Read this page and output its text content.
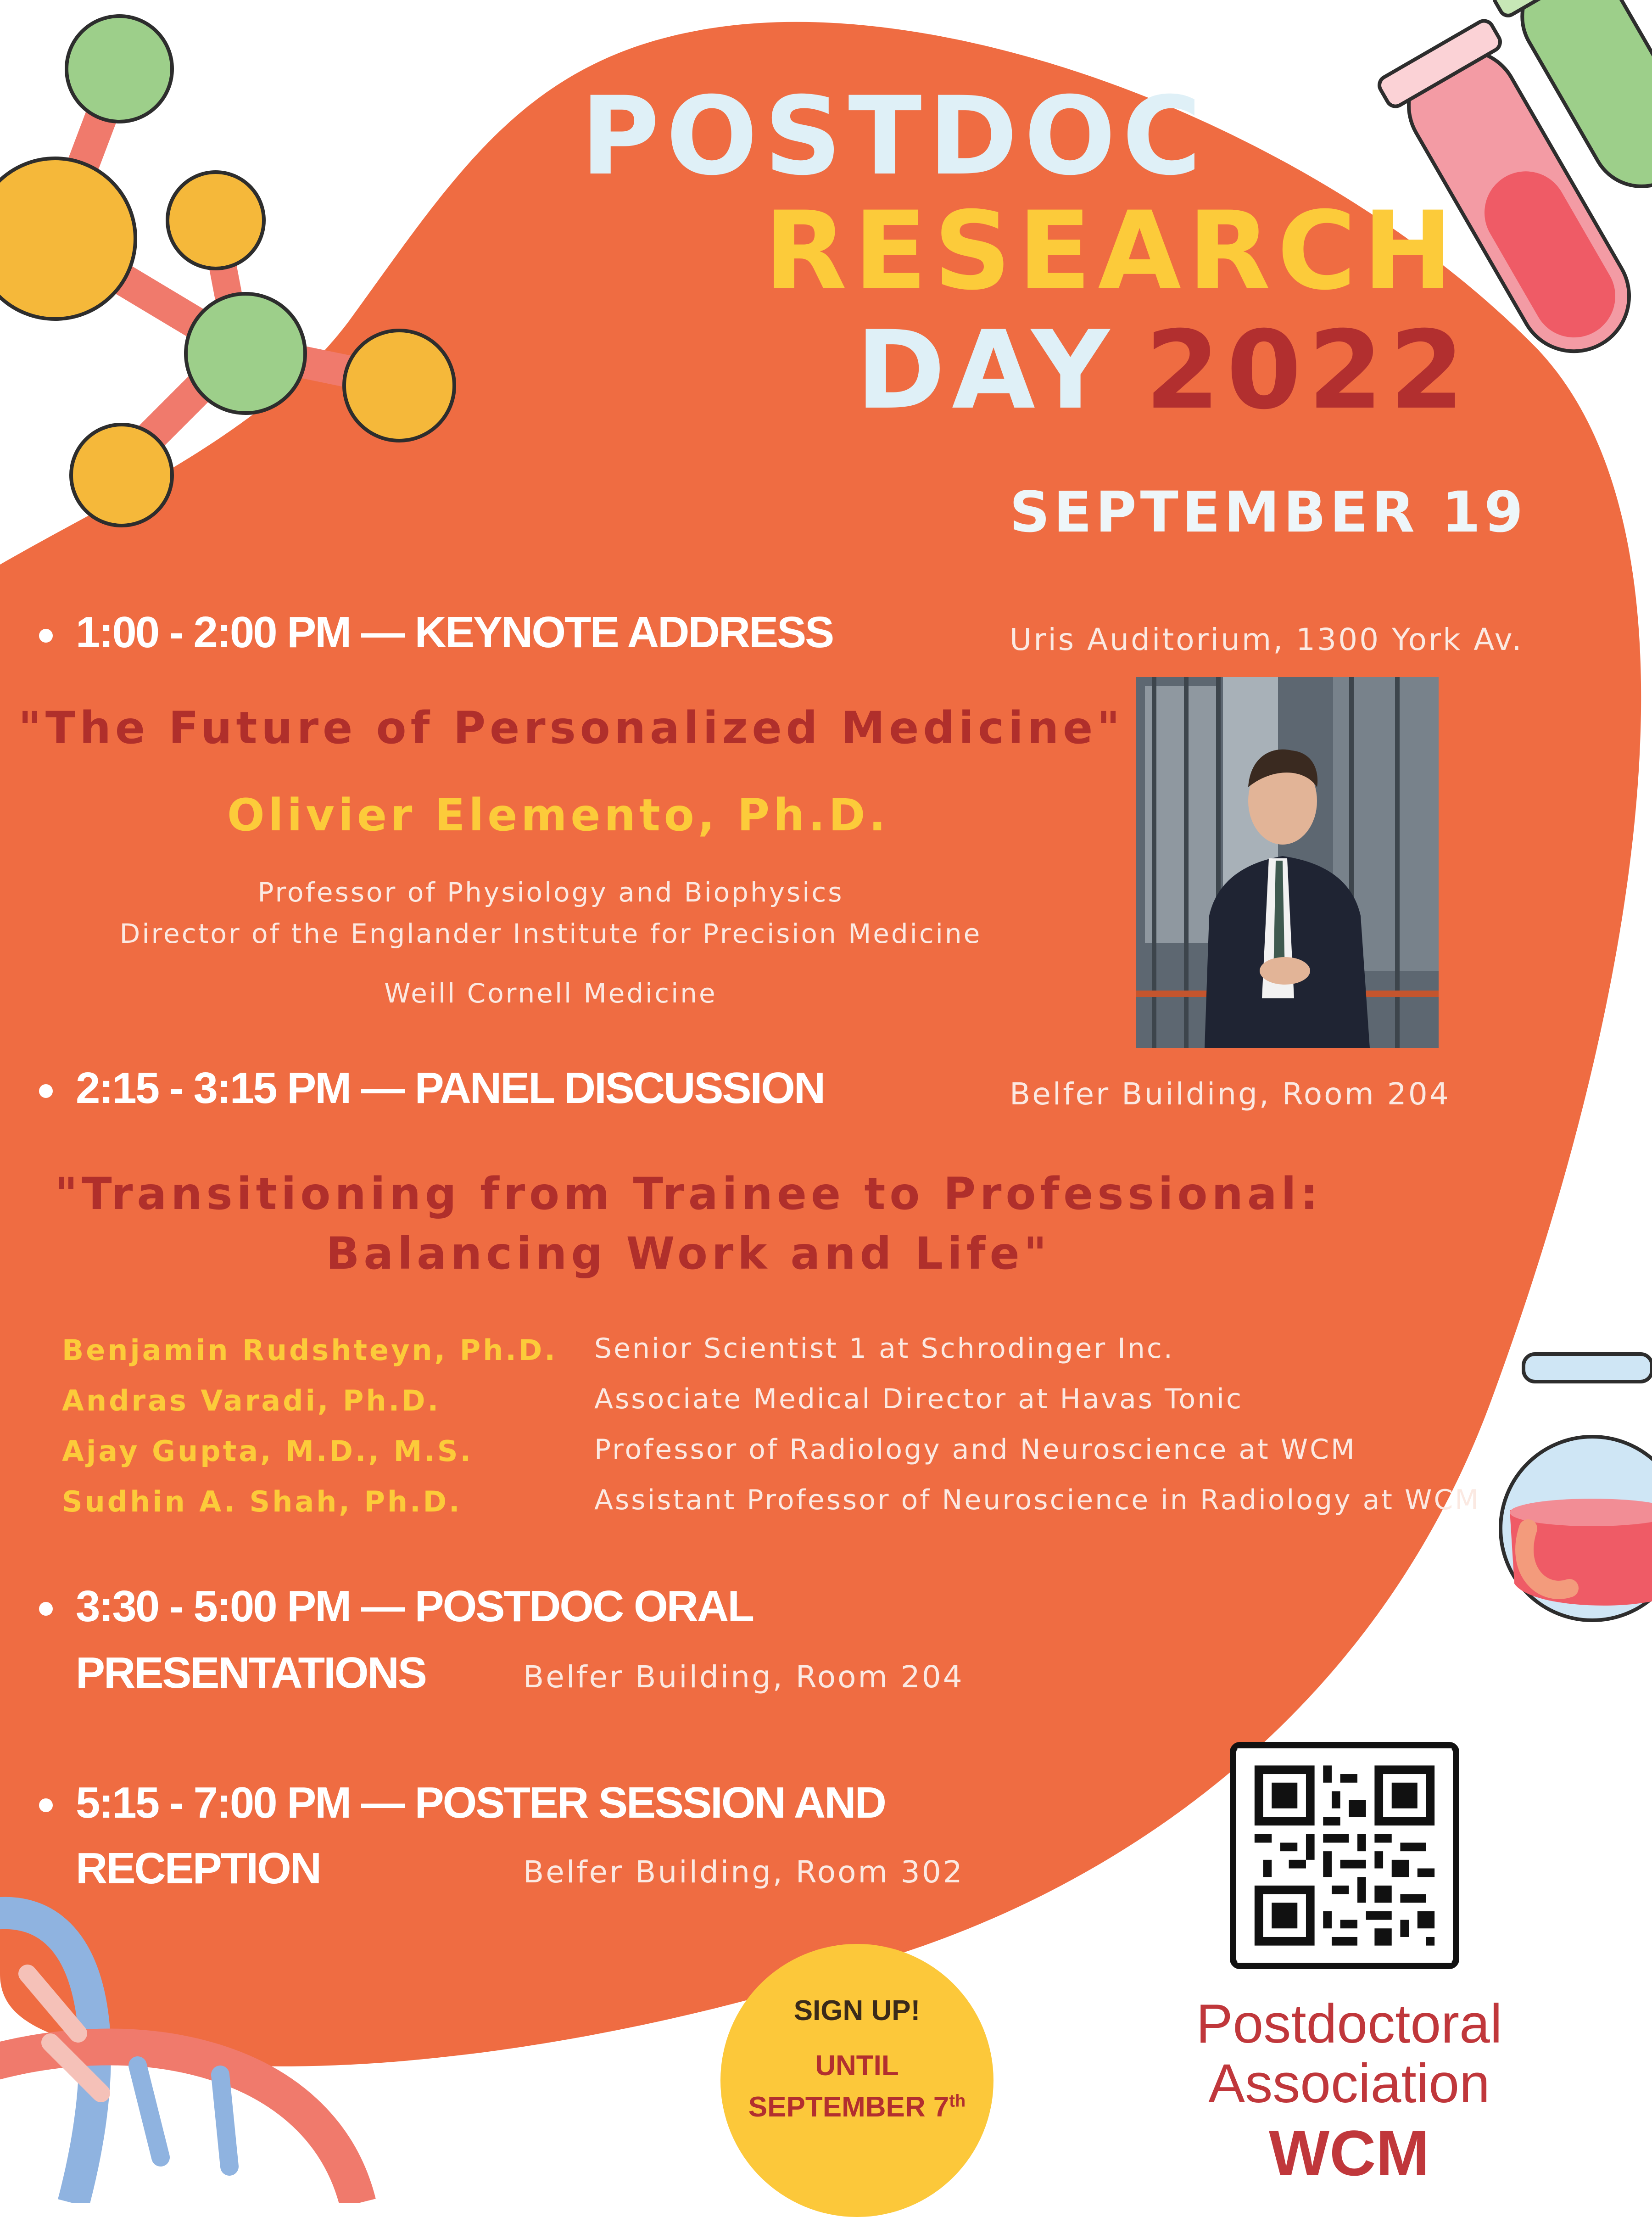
POSTDOC
RESEARCH
DAY 2022
SEPTEMBER 19
1:00 - 2:00 PM — KEYNOTE ADDRESS	Uris Auditorium, 1300 York Av.
"The Future of Personalized Medicine"
Olivier Elemento, Ph.D.
Professor of Physiology and Biophysics
Director of the Englander Institute for Precision Medicine
Weill Cornell Medicine
2:15 - 3:15 PM — PANEL DISCUSSION	Belfer Building, Room 204
"Transitioning from Trainee to Professional:
Balancing Work and Life"
Benjamin Rudshteyn, Ph.D. Senior Scientist 1 at Schrodinger Inc.
Andras Varadi, Ph.D.	Associate Medical Director at Havas Tonic
Ajay Gupta, M.D., M.S.	Professor of Radiology and Neuroscience at WCM
Sudhin A. Shah, Ph.D.	Assistant Professor of Neuroscience in Radiology at WCM
3:30 - 5:00 PM — POSTDOC ORAL
PRESENTATIONS	Belfer Building, Room 204
5:15 - 7:00 PM — POSTER SESSION AND
RECEPTION	Belfer Building, Room 302
SIGN UP!
UNTIL
SEPTEMBER 7th
Postdoctoral
Association
WCM
